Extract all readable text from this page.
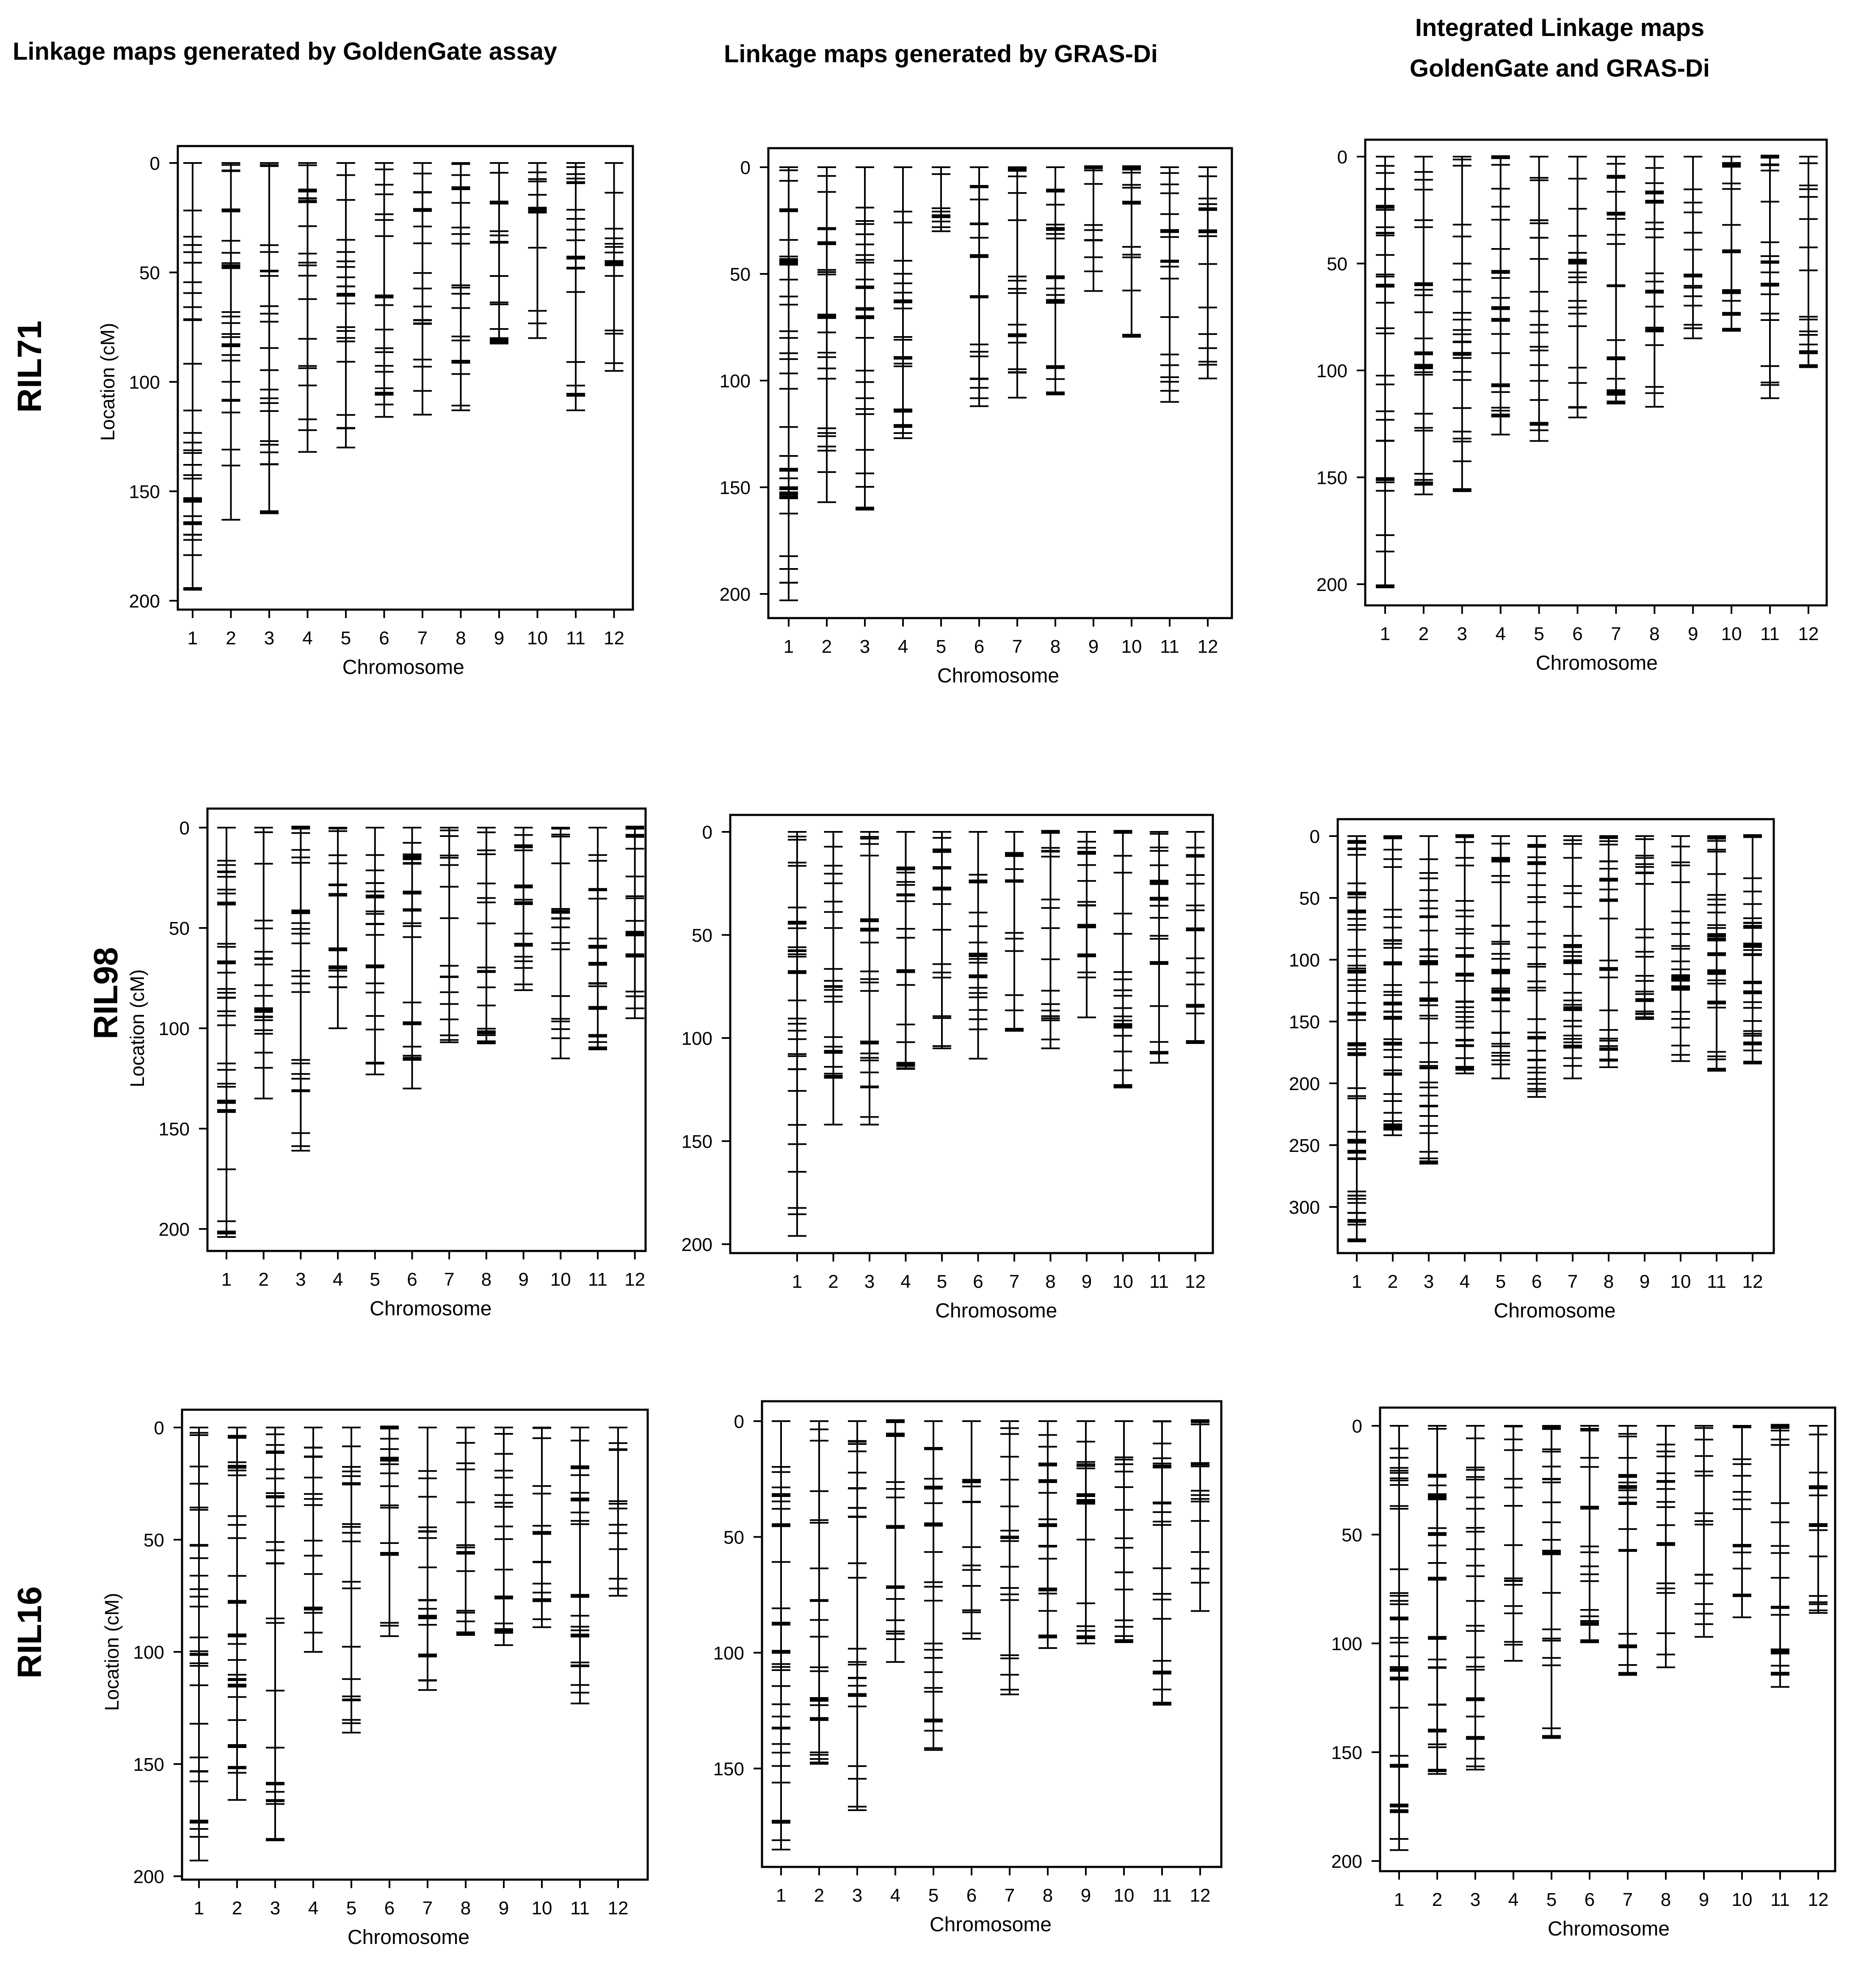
Linkage maps generated by GoldenGate assay	Linkage maps generated by GRAS-Di
Integrated Linkage maps
GoldenGate and GRAS-Di
RIL71
RIL98
RIL16
0
50
100
150
200
Location (cM)
1 2 3 4 5 6 7 8 9 10 11 12
Chromosome
0
50
100
150
200
1 2 3 4 5 6 7 8 9 10 11 12
Chromosome
0
50
100
150
200
1 2 3 4 5 6 7 8 9 10 11 12
Chromosome
0
50
100
150
200
Location (cM)
1 2 3 4 5 6 7 8 9 10 11 12
Chromosome
0
50
100
150
200
1 2 3 4 5 6 7 8 9 10 11 12
Chromosome
0
50
100
150
200
250
300
1 2 3 4 5 6 7 8 9 10 11 12
Chromosome
0
50
100
150
200
Location (cM)
1 2 3 4 5 6 7 8 9 10 11 12
Chromosome
0
50
100
150
1 2 3 4 5 6 7 8 9 10 11 12
Chromosome
0
50
100
150
200
1 2 3 4 5 6 7 8 9 10 11 12
Chromosome
